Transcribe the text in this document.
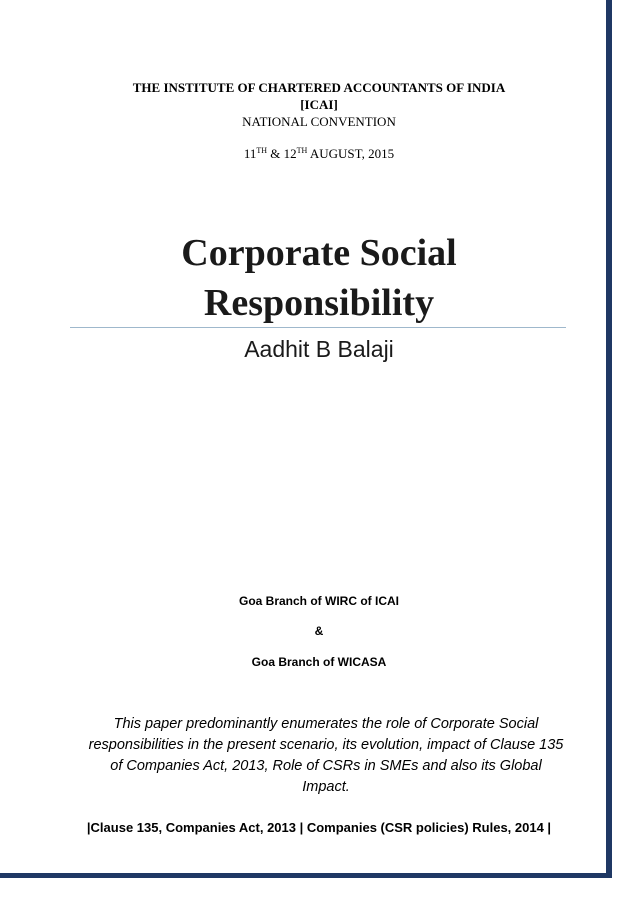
THE INSTITUTE OF CHARTERED ACCOUNTANTS OF INDIA
[ICAI]
NATIONAL CONVENTION
11TH & 12TH AUGUST, 2015
Corporate Social
Responsibility
Aadhit B Balaji
Goa Branch of WIRC of ICAI
&
Goa Branch of WICASA
This paper predominantly enumerates the role of Corporate Social responsibilities in the present scenario, its evolution, impact of Clause 135 of Companies Act, 2013, Role of CSRs in SMEs and also its Global Impact.
|Clause 135, Companies Act, 2013 | Companies (CSR policies) Rules, 2014 |
